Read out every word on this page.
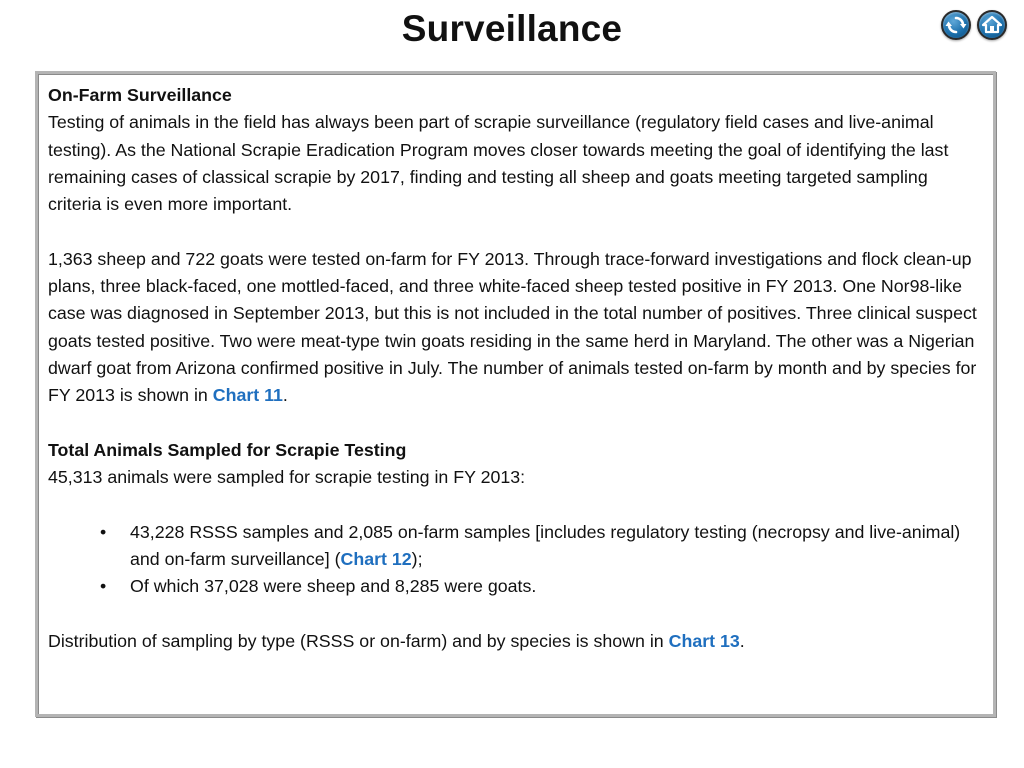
Surveillance

On-Farm Surveillance

Testing of animals in the field has always been part of scrapie surveillance (regulatory field cases and live-animal testing). As the National Scrapie Eradication Program moves closer towards meeting the goal of identifying the last remaining cases of classical scrapie by 2017, finding and testing all sheep and goats meeting targeted sampling criteria is even more important.

1,363 sheep and 722 goats were tested on-farm for FY 2013. Through trace-forward investigations and flock clean-up plans, three black-faced, one mottled-faced, and three white-faced sheep tested positive in FY 2013. One Nor98-like case was diagnosed in September 2013, but this is not included in the total number of positives. Three clinical suspect goats tested positive. Two were meat-type twin goats residing in the same herd in Maryland. The other was a Nigerian dwarf goat from Arizona confirmed positive in July. The number of animals tested on-farm by month and by species for FY 2013 is shown in Chart 11.

Total Animals Sampled for Scrapie Testing

45,313 animals were sampled for scrapie testing in FY 2013:

• 43,228 RSSS samples and 2,085 on-farm samples [includes regulatory testing (necropsy and live-animal) and on-farm surveillance] (Chart 12);
• Of which 37,028 were sheep and 8,285 were goats.

Distribution of sampling by type (RSSS or on-farm) and by species is shown in Chart 13.
